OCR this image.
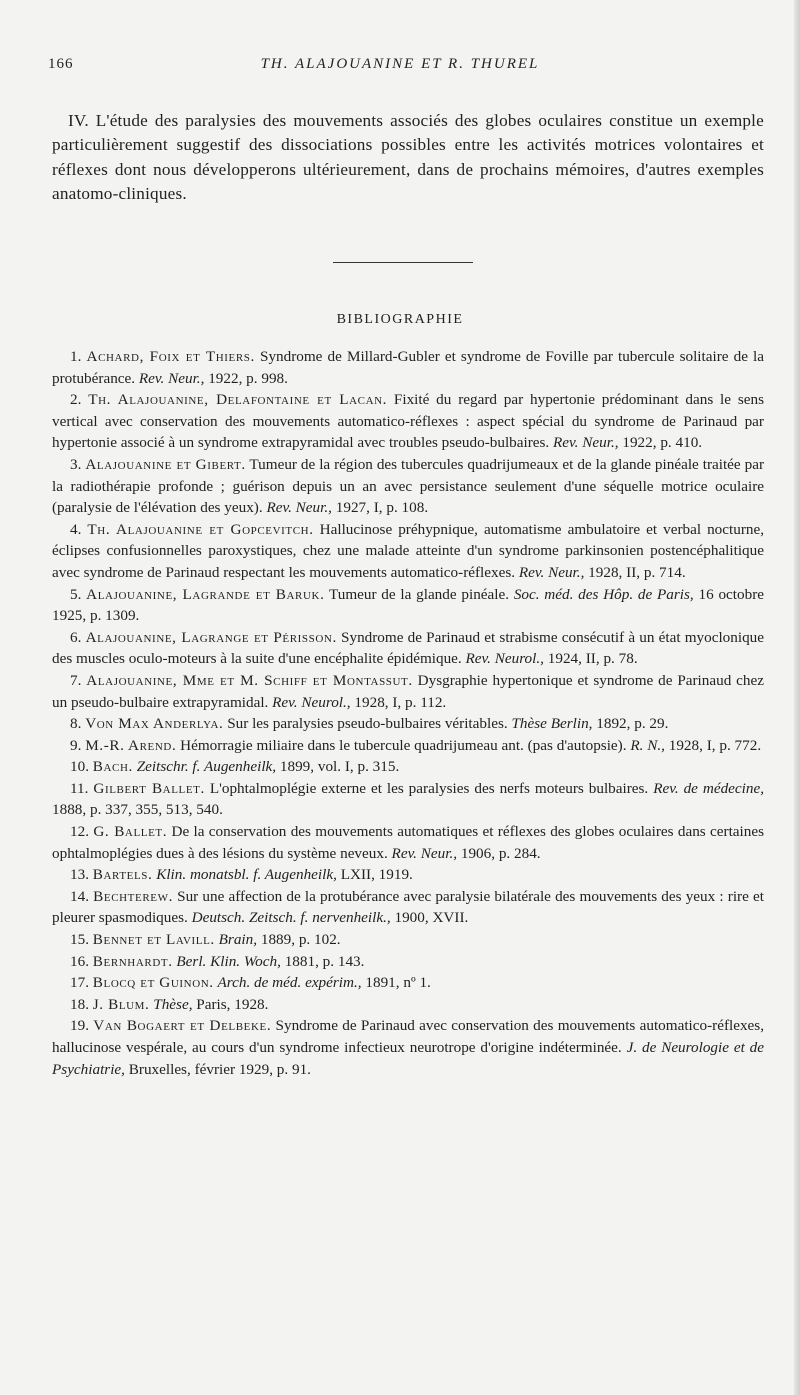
166	TH. ALAJOUANINE ET R. THUREL

IV. L'étude des paralysies des mouvements associés des globes oculaires constitue un exemple particulièrement suggestif des dissociations possibles entre les activités motrices volontaires et réflexes dont nous développerons ultérieurement, dans de prochains mémoires, d'autres exemples anatomo-cliniques.

BIBLIOGRAPHIE

1. Achard, Foix et Thiers. Syndrome de Millard-Gubler et syndrome de Foville par tubercule solitaire de la protubérance. Rev. Neur., 1922, p. 998.

2. Th. Alajouanine, Delafontaine et Lacan. Fixité du regard par hypertonie prédominant dans le sens vertical avec conservation des mouvements automatico-réflexes : aspect spécial du syndrome de Parinaud par hypertonie associé à un syndrome extrapyramidal avec troubles pseudo-bulbaires. Rev. Neur., 1922, p. 410.

3. Alajouanine et Gibert. Tumeur de la région des tubercules quadrijumeaux et de la glande pinéale traitée par la radiothérapie profonde ; guérison depuis un an avec persistance seulement d'une séquelle motrice oculaire (paralysie de l'élévation des yeux). Rev. Neur., 1927, I, p. 108.

4. Th. Alajouanine et Gopcevitch. Hallucinose préhypnique, automatisme ambulatoire et verbal nocturne, éclipses confusionnelles paroxystiques, chez une malade atteinte d'un syndrome parkinsonien postencéphalitique avec syndrome de Parinaud respectant les mouvements automatico-réflexes. Rev. Neur., 1928, II, p. 714.

5. Alajouanine, Lagrande et Baruk. Tumeur de la glande pinéale. Soc. méd. des Hôp. de Paris, 16 octobre 1925, p. 1309.

6. Alajouanine, Lagrange et Périsson. Syndrome de Parinaud et strabisme consécutif à un état myoclonique des muscles oculo-moteurs à la suite d'une encéphalite épidémique. Rev. Neurol., 1924, II, p. 78.

7. Alajouanine, Mme et M. Schiff et Montassut. Dysgraphie hypertonique et syndrome de Parinaud chez un pseudo-bulbaire extrapyramidal. Rev. Neurol., 1928, I, p. 112.

8. Von Max Anderlya. Sur les paralysies pseudo-bulbaires véritables. Thèse Berlin, 1892, p. 29.

9. M.-R. Arend. Hémorragie miliaire dans le tubercule quadrijumeau ant. (pas d'autopsie). R. N., 1928, I, p. 772.

10. Bach. Zeitschr. f. Augenheilk, 1899, vol. I, p. 315.

11. Gilbert Ballet. L'ophtalmoplégie externe et les paralysies des nerfs moteurs bulbaires. Rev. de médecine, 1888, p. 337, 355, 513, 540.

12. G. Ballet. De la conservation des mouvements automatiques et réflexes des globes oculaires dans certaines ophtalmoplégies dues à des lésions du système neveux. Rev. Neur., 1906, p. 284.

13. Bartels. Klin. monatsbl. f. Augenheilk, LXII, 1919.

14. Bechterew. Sur une affection de la protubérance avec paralysie bilatérale des mouvements des yeux : rire et pleurer spasmodiques. Deutsch. Zeitsch. f. nervenheilk., 1900, XVII.

15. Bennet et Lavill. Brain, 1889, p. 102.

16. Bernhardt. Berl. Klin. Woch, 1881, p. 143.

17. Blocq et Guinon. Arch. de méd. expérim., 1891, nº 1.

18. J. Blum. Thèse, Paris, 1928.

19. Van Bogaert et Delbeke. Syndrome de Parinaud avec conservation des mouvements automatico-réflexes, hallucinose vespérale, au cours d'un syndrome infectieux neurotrope d'origine indéterminée. J. de Neurologie et de Psychiatrie, Bruxelles, février 1929, p. 91.
